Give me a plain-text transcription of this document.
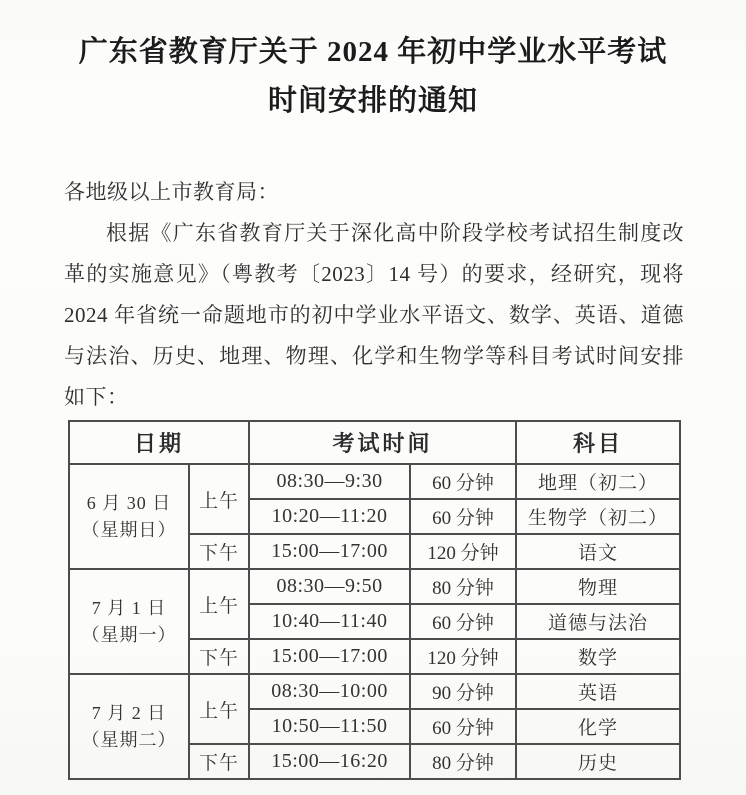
广东省教育厅关于 2024 年初中学业水平考试
时间安排的通知

各地级以上市教育局：

根据《广东省教育厅关于深化高中阶段学校考试招生制度改革的实施意见》（粤教考〔2023〕14 号）的要求，经研究，现将 2024 年省统一命题地市的初中学业水平语文、数学、英语、道德与法治、历史、地理、物理、化学和生物学等科目考试时间安排如下：

日期		考试时间		科目

6 月 30 日
（星期日）	上午	08:30—9:30	60 分钟	地理（初二）
		10:20—11:20	60 分钟	生物学（初二）
	下午	15:00—17:00	120 分钟	语文

7 月 1 日
（星期一）	上午	08:30—9:50	80 分钟	物理
		10:40—11:40	60 分钟	道德与法治
	下午	15:00—17:00	120 分钟	数学

7 月 2 日
（星期二）	上午	08:30—10:00	90 分钟	英语
		10:50—11:50	60 分钟	化学
	下午	15:00—16:20	80 分钟	历史
